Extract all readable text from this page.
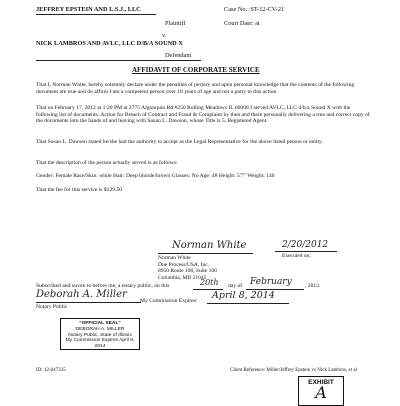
JEFFREY EPSTEIN AND L.S.J., LLC	Case No.: ST-12-CV-21
Plaintiff	Court Date: at
v.
NICK LAMBROS AND AVLC, LLC D/B/A SOUND X
Defendant
AFFIDAVIT OF CORPORATE SERVICE
That I, Norman White, hereby solemnly declare under the penalties of perjury and upon personal knowledge that the contents of the following document are true and do affirm I am a competent person over 18 years of age and not a party to this action.
That on February 17, 2012 at 1:20 PM at 2775 Algonquin Rd #250 Rolling Meadows IL 60008 I served AVLC, LLC d/b/a Sound X with the following list of documents: Action for Breach of Contract and Fraud & Complaint by then and there personally delivering a true and correct copy of the documents into the hands of and leaving with Susan L. Dawson, whose Title is 5. Registered Agent.
That Susan L. Dawson stated he/she had the authority to accept as the Legal Representative for the above listed person or entity.
That the description of the person actually served is as follows:
Gender: Female Race/Skin: white Hair: Deep blonde/brown Glasses: No Age: 48 Height: 5'7" Weight: 140
That the fee for this service is $129.50
Norman White
Norman White
Due Process/USA, Inc.
8950 Route 108, Suite 100
Columbia, MD 21045
2/20/2012
Executed on:
Subscribed and sworn to before me, a notary public, on this	20th day of February , 2012.
Deborah A. Miller
Notary Public
My Commission Expires: April 8, 2014
"OFFICIAL SEAL"
DEBORAH A. MILLER
Notary Public, State of Illinois
My Commission Expires April 8, 2014
ID: 12-047335	Client Reference: Miller/Jeffrey Epstein vs Nick Lambros, et al
EXHIBIT
A
